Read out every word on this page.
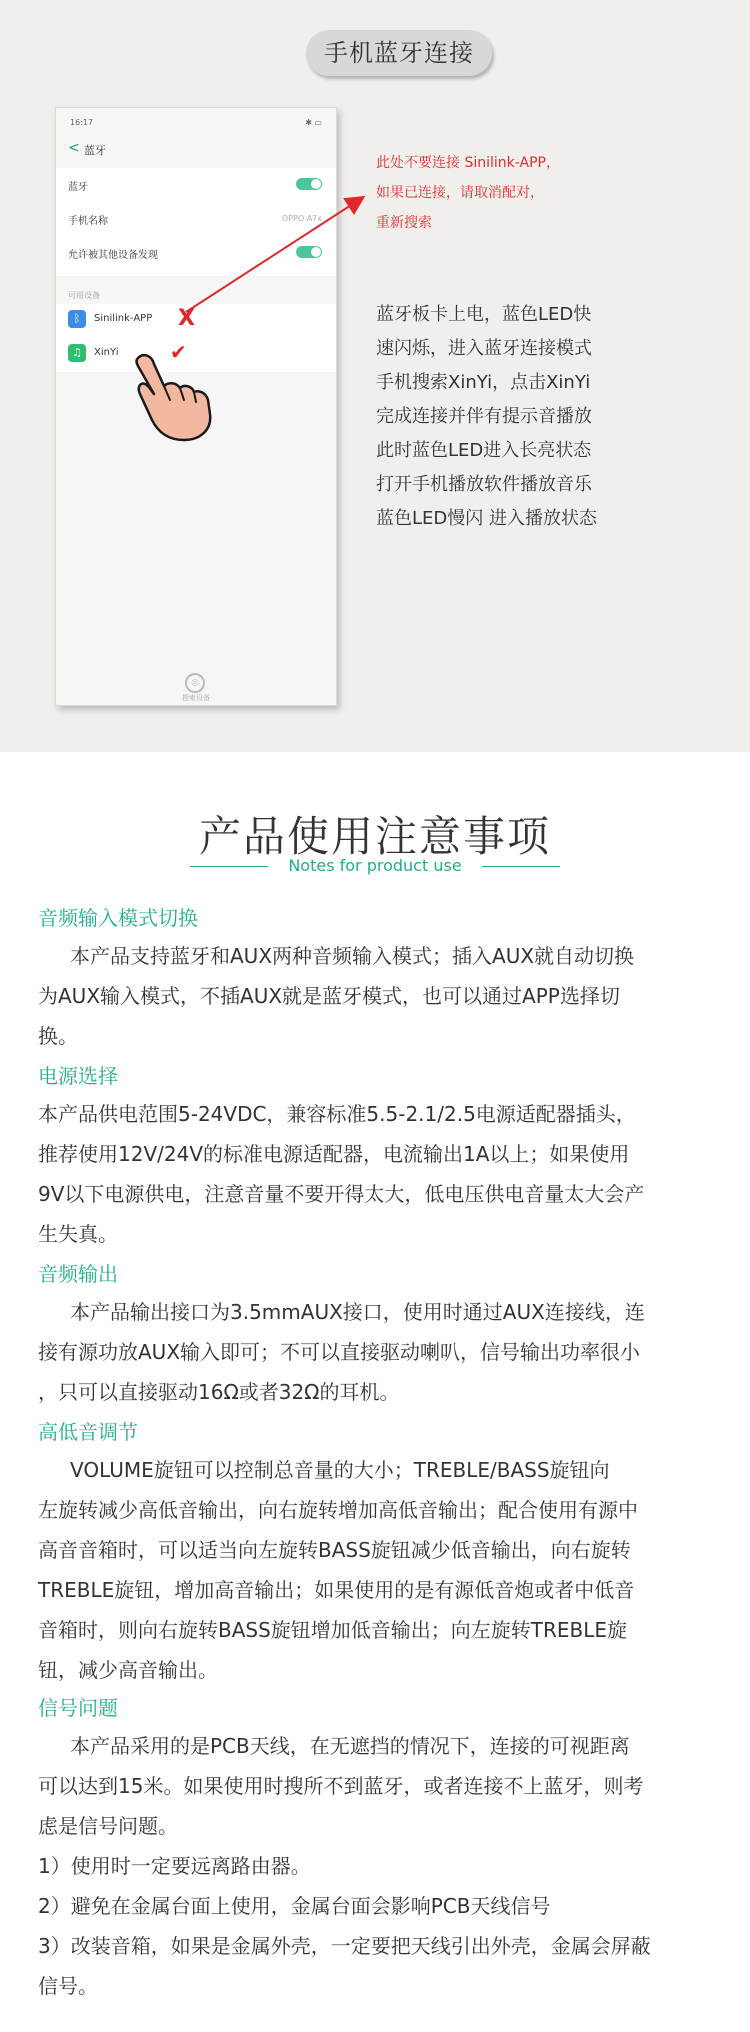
手机蓝牙连接
16:17	✱ ▭
< 蓝牙
蓝牙
手机名称	OPPO A7x
允许被其他设备发现
可用设备
ᛒ	Sinilink-APP
♫	XinYi
◎
搜索设备
X
✔
此处不要连接 Sinilink-APP，
如果已连接，请取消配对，
重新搜索
蓝牙板卡上电，蓝色LED快
速闪烁，进入蓝牙连接模式
手机搜索XinYi，点击XinYi
完成连接并伴有提示音播放
此时蓝色LED进入长亮状态
打开手机播放软件播放音乐
蓝色LED慢闪 进入播放状态
产品使用注意事项
Notes for product use
音频输入模式切换
本产品支持蓝牙和AUX两种音频输入模式；插入AUX就自动切换
为AUX输入模式，不插AUX就是蓝牙模式，也可以通过APP选择切
换。
电源选择
本产品供电范围5-24VDC，兼容标准5.5-2.1/2.5电源适配器插头，
推荐使用12V/24V的标准电源适配器，电流输出1A以上；如果使用
9V以下电源供电，注意音量不要开得太大，低电压供电音量太大会产
生失真。
音频输出
本产品输出接口为3.5mmAUX接口，使用时通过AUX连接线，连
接有源功放AUX输入即可；不可以直接驱动喇叭，信号输出功率很小
，只可以直接驱动16Ω或者32Ω的耳机。
高低音调节
VOLUME旋钮可以控制总音量的大小；TREBLE/BASS旋钮向
左旋转减少高低音输出，向右旋转增加高低音输出；配合使用有源中
高音音箱时，可以适当向左旋转BASS旋钮减少低音输出，向右旋转
TREBLE旋钮，增加高音输出；如果使用的是有源低音炮或者中低音
音箱时，则向右旋转BASS旋钮增加低音输出；向左旋转TREBLE旋
钮，减少高音输出。
信号问题
本产品采用的是PCB天线，在无遮挡的情况下，连接的可视距离
可以达到15米。如果使用时搜所不到蓝牙，或者连接不上蓝牙，则考
虑是信号问题。
1）使用时一定要远离路由器。
2）避免在金属台面上使用，金属台面会影响PCB天线信号
3）改装音箱，如果是金属外壳，一定要把天线引出外壳，金属会屏蔽
信号。
